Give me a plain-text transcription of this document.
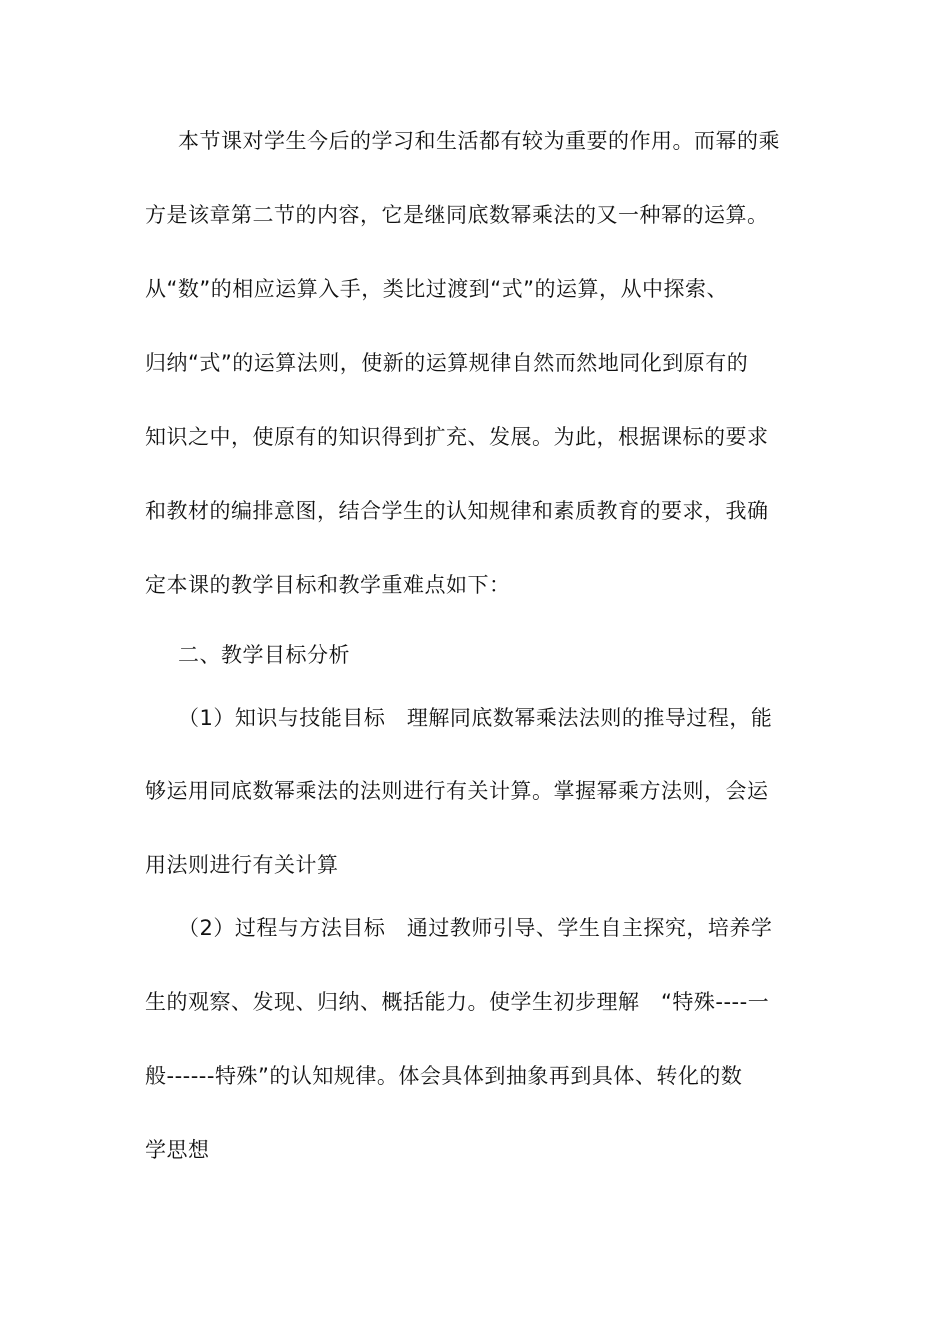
本节课对学生今后的学习和生活都有较为重要的作用。而幂的乘
方是该章第二节的内容，它是继同底数幂乘法的又一种幂的运算。
从“数”的相应运算入手，类比过渡到“式”的运算，从中探索、
归纳“式”的运算法则，使新的运算规律自然而然地同化到原有的
知识之中，使原有的知识得到扩充、发展。为此，根据课标的要求
和教材的编排意图，结合学生的认知规律和素质教育的要求，我确
定本课的教学目标和教学重难点如下：
二、教学目标分析
（1）知识与技能目标　理解同底数幂乘法法则的推导过程，能
够运用同底数幂乘法的法则进行有关计算。掌握幂乘方法则，会运
用法则进行有关计算
（2）过程与方法目标　通过教师引导、学生自主探究，培养学
生的观察、发现、归纳、概括能力。使学生初步理解　“特殊----一
般------特殊”的认知规律。体会具体到抽象再到具体、转化的数
学思想
